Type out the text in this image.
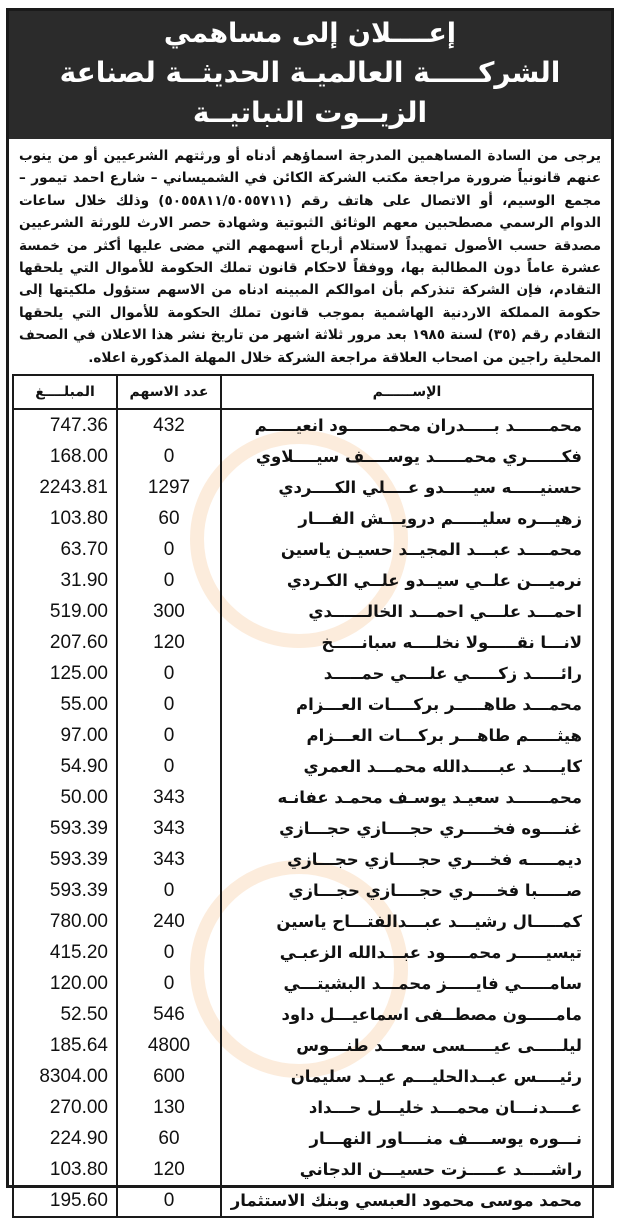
إعــــلان إلى مساهمي
الشركـــــة العالميـة الحديثــة لصناعة الزيــوت النباتيــة
يرجى من السادة المساهمين المدرجة اسماؤهم أدناه أو ورثتهم الشرعيين أو من ينوب عنهم قانونياً ضرورة مراجعة مكتب الشركة الكائن في الشميساني – شارع احمد تيمور – مجمع الوسيم، أو الاتصال على هاتف رقم (٥٠٥٥٨١١/٥٠٥٥٧١١) وذلك خلال ساعات الدوام الرسمي مصطحبين معهم الوثائق الثبوتية وشهادة حصر الارث للورثة الشرعيين مصدقة حسب الأصول تمهيداً لاستلام أرباح أسهمهم التي مضى عليها أكثر من خمسة عشرة عاماً دون المطالبة بها، ووفقاً لاحكام قانون تملك الحكومة للأموال التي يلحقها التقادم، فإن الشركة تنذركم بأن اموالكم المبينه ادناه من الاسهم ستؤول ملكيتها إلى حكومة المملكة الاردنية الهاشمية بموجب قانون تملك الحكومة للأموال التي يلحقها التقادم رقم (٣٥) لسنة ١٩٨٥ بعد مرور ثلاثة اشهر من تاريخ نشر هذا الاعلان في الصحف المحلية راجين من اصحاب العلاقة مراجعة الشركة خلال المهلة المذكورة اعلاه.
المبلــــغ	عدد الاسهم	الإســــــم
747.36	432	محمــــــد بـــــدران محمـــــــود انعيـــــم
168.00	0	فكــــــري محمـــــد يوســــف سيــــلاوي
2243.81	1297	حسنيـــــه سيـــــدو عــــلي الكــــردي
103.80	60	زهيـــره سليـــــم درويـــش الفـــار
63.70	0	محمــــد عبـــد المجيــد حسيـن ياسين
31.90	0	نرميـــن علــي سيــدو علــي الكـردي
519.00	300	احمـــد علـــي احمـــد الخالــــــدي
207.60	120	لانـــا نقـــــولا نخلــــه سبانـــــخ
125.00	0	رائـــــد زكـــــي علــــي حمـــــد
55.00	0	محمـــد طاهـــــر بركــــات العـــزام
97.00	0	هيثـــــم طاهـــر بركـــات العـــزام
54.90	0	كايـــــد عبـــــدالله محمـــد العمري
50.00	343	محمــــــد سعيـد يوسـف محمـد عفانـه
593.39	343	غنــــوه فخـــــري حجــــازي حجـــازي
593.39	343	ديمـــــه فخـــري حجــــازي حجـــازي
593.39	0	صـــــبا فخــــري حجــــازي حجـــازي
780.00	240	كمـــــال رشيـــد عبـــدالفتـــاح ياسين
415.20	0	تيسيـــــر محمــــود عبـــدالله الزعبـي
120.00	0	سامـــــي فايـــــز محمـــد البشيتـــي
52.50	546	مامـــــون مصطــفى اسماعيـــل داود
185.64	4800	ليلـــــى عيـــــسى سعـــد طنـــوس
8304.00	600	رئيــــس عبــدالحليـــم عيــد سليمان
270.00	130	عــــدنـــان محمـــد خليـــل حـــداد
224.90	60	نـــوره يوســــف منــــاور النهـــار
103.80	120	راشـــــد عـــــزت حسيـــن الدجاني
195.60	0	محمد موسى محمود العبسي وبنك الاستثمار
